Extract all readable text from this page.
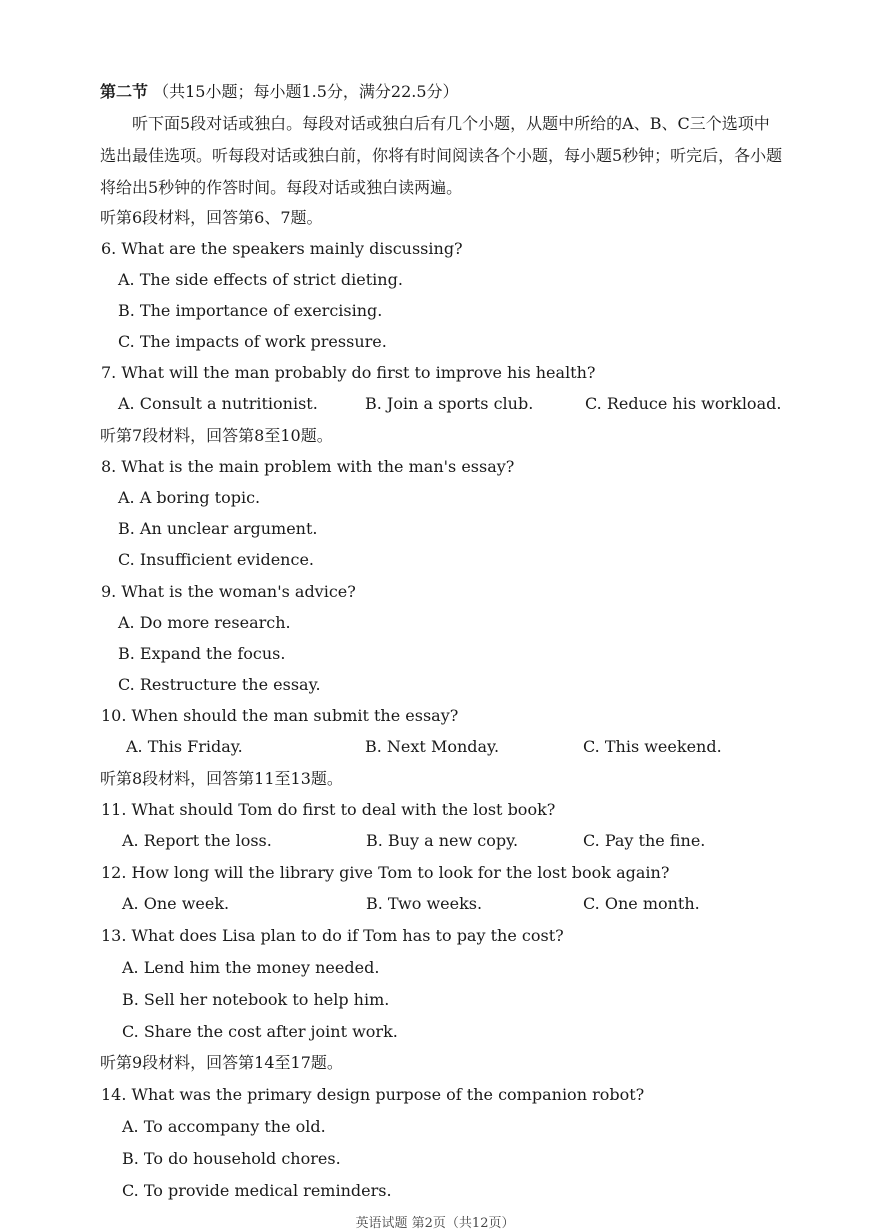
第二节 （共15小题；每小题1.5分，满分22.5分）
听下面5段对话或独白。每段对话或独白后有几个小题，从题中所给的A、B、C三个选项中
选出最佳选项。听每段对话或独白前，你将有时间阅读各个小题，每小题5秒钟；听完后，各小题
将给出5秒钟的作答时间。每段对话或独白读两遍。
听第6段材料，回答第6、7题。
6. What are the speakers mainly discussing?
A. The side effects of strict dieting.
B. The importance of exercising.
C. The impacts of work pressure.
7. What will the man probably do first to improve his health?
A. Consult a nutritionist.	B. Join a sports club.	C. Reduce his workload.
听第7段材料，回答第8至10题。
8. What is the main problem with the man's essay?
A. A boring topic.
B. An unclear argument.
C. Insufficient evidence.
9. What is the woman's advice?
A. Do more research.
B. Expand the focus.
C. Restructure the essay.
10. When should the man submit the essay?
A. This Friday.	B. Next Monday.	C. This weekend.
听第8段材料，回答第11至13题。
11. What should Tom do first to deal with the lost book?
A. Report the loss.	B. Buy a new copy.	C. Pay the fine.
12. How long will the library give Tom to look for the lost book again?
A. One week.	B. Two weeks.	C. One month.
13. What does Lisa plan to do if Tom has to pay the cost?
A. Lend him the money needed.
B. Sell her notebook to help him.
C. Share the cost after joint work.
听第9段材料，回答第14至17题。
14. What was the primary design purpose of the companion robot?
A. To accompany the old.
B. To do household chores.
C. To provide medical reminders.
英语试题 第2页（共12页）
